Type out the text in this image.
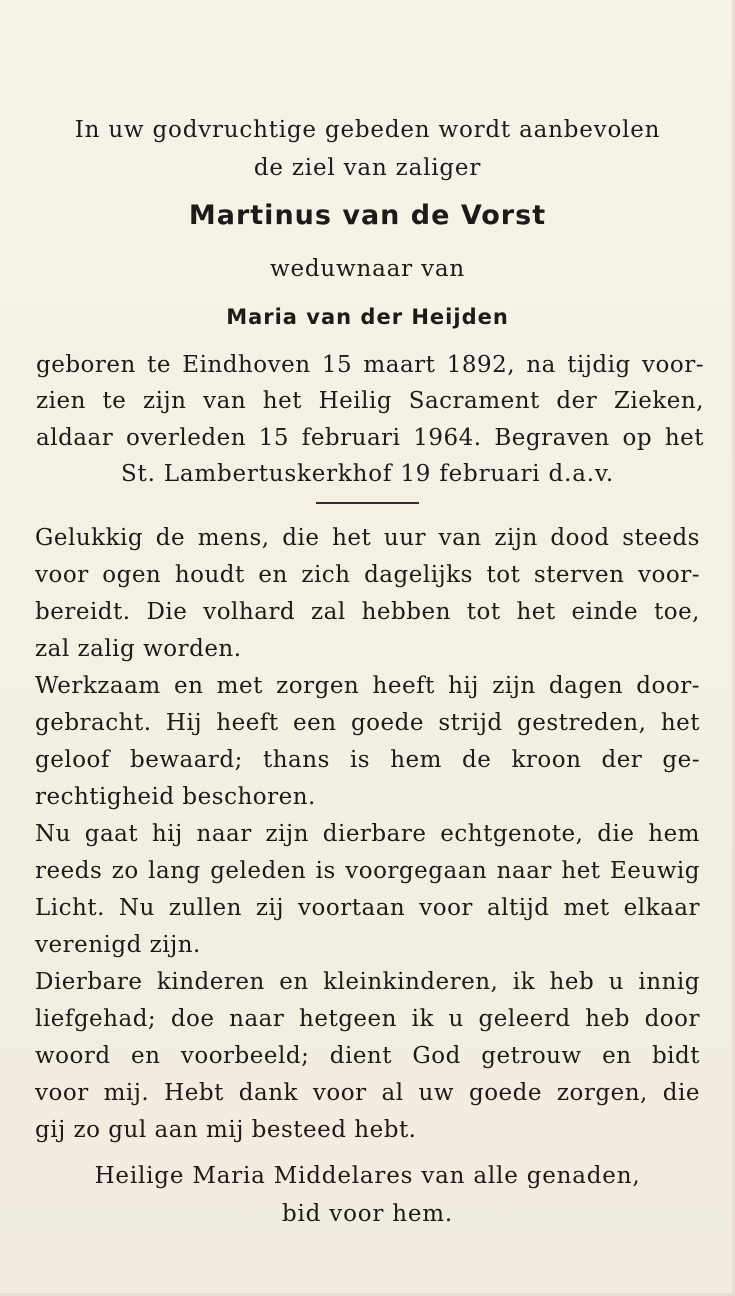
In uw godvruchtige gebeden wordt aanbevolen
de ziel van zaliger
Martinus van de Vorst
weduwnaar van
Maria van der Heijden
geboren te Eindhoven 15 maart 1892, na tijdig voor-
zien te zijn van het Heilig Sacrament der Zieken,
aldaar overleden 15 februari 1964. Begraven op het
St. Lambertuskerkhof 19 februari d.a.v.
Gelukkig de mens, die het uur van zijn dood steeds
voor ogen houdt en zich dagelijks tot sterven voor-
bereidt. Die volhard zal hebben tot het einde toe,
zal zalig worden.
Werkzaam en met zorgen heeft hij zijn dagen door-
gebracht. Hij heeft een goede strijd gestreden, het
geloof bewaard; thans is hem de kroon der ge-
rechtigheid beschoren.
Nu gaat hij naar zijn dierbare echtgenote, die hem
reeds zo lang geleden is voorgegaan naar het Eeuwig
Licht. Nu zullen zij voortaan voor altijd met elkaar
verenigd zijn.
Dierbare kinderen en kleinkinderen, ik heb u innig
liefgehad; doe naar hetgeen ik u geleerd heb door
woord en voorbeeld; dient God getrouw en bidt
voor mij. Hebt dank voor al uw goede zorgen, die
gij zo gul aan mij besteed hebt.
Heilige Maria Middelares van alle genaden,
bid voor hem.
